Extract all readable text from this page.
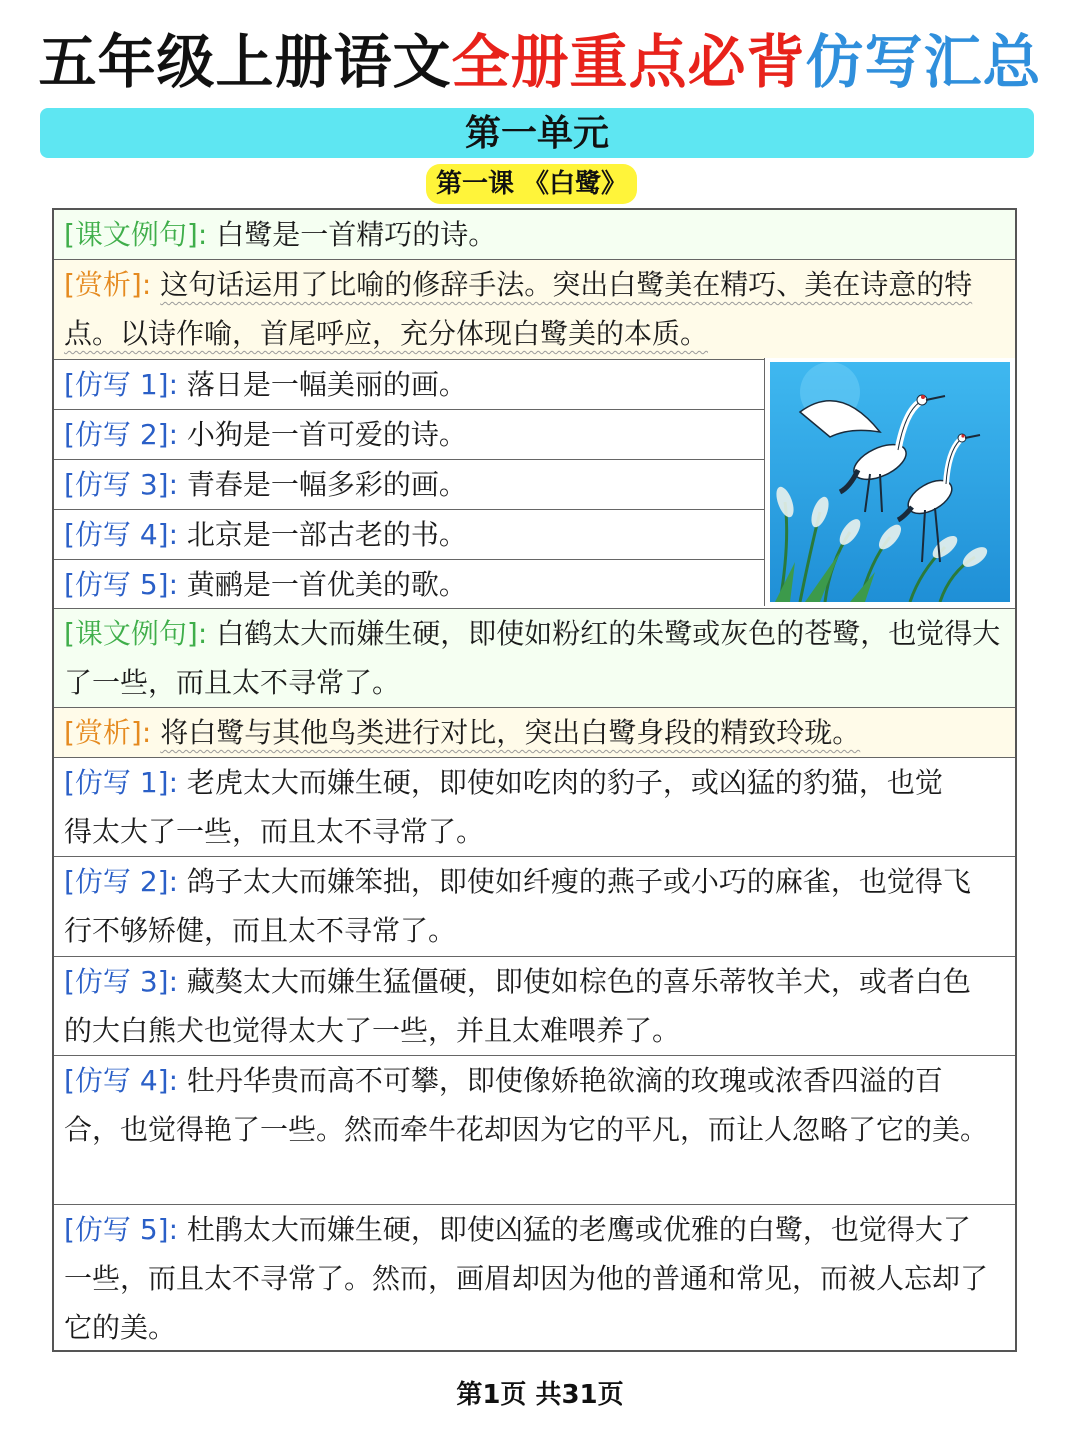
五年级上册语文全册重点必背仿写汇总
第一单元
第一课 《白鹭》
[课文例句]: 白鹭是一首精巧的诗。
[赏析]: 这句话运用了比喻的修辞手法。突出白鹭美在精巧、美在诗意的特点。以诗作喻，首尾呼应，充分体现白鹭美的本质。
[仿写 1]: 落日是一幅美丽的画。
[仿写 2]: 小狗是一首可爱的诗。
[仿写 3]: 青春是一幅多彩的画。
[仿写 4]: 北京是一部古老的书。
[仿写 5]: 黄鹂是一首优美的歌。
[课文例句]: 白鹤太大而嫌生硬，即使如粉红的朱鹭或灰色的苍鹭，也觉得大了一些，而且太不寻常了。
[赏析]: 将白鹭与其他鸟类进行对比，突出白鹭身段的精致玲珑。
[仿写 1]: 老虎太大而嫌生硬，即使如吃肉的豹子，或凶猛的豹猫，也觉得太大了一些，而且太不寻常了。
[仿写 2]: 鸽子太大而嫌笨拙，即使如纤瘦的燕子或小巧的麻雀，也觉得飞行不够矫健，而且太不寻常了。
[仿写 3]: 藏獒太大而嫌生猛僵硬，即使如棕色的喜乐蒂牧羊犬，或者白色的大白熊犬也觉得太大了一些，并且太难喂养了。
[仿写 4]: 牡丹华贵而高不可攀，即使像娇艳欲滴的玫瑰或浓香四溢的百合，也觉得艳了一些。然而牵牛花却因为它的平凡，而让人忽略了它的美。
[仿写 5]: 杜鹃太大而嫌生硬，即使凶猛的老鹰或优雅的白鹭，也觉得大了一些，而且太不寻常了。然而，画眉却因为他的普通和常见，而被人忘却了它的美。
第1页 共31页
